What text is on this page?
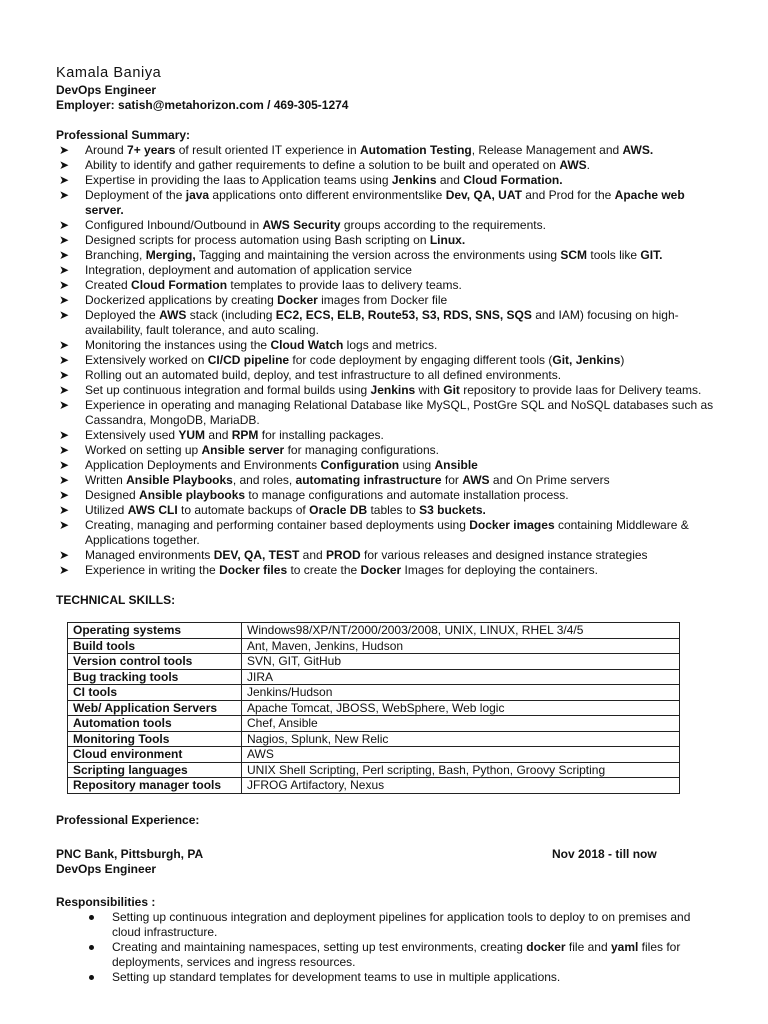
Kamala Baniya
DevOps Engineer
Employer: satish@metahorizon.com / 469-305-1274
Professional Summary:
➤ Around 7+ years of result oriented IT experience in Automation Testing, Release Management and AWS.
➤ Ability to identify and gather requirements to define a solution to be built and operated on AWS.
➤ Expertise in providing the Iaas to Application teams using Jenkins and Cloud Formation.
➤ Deployment of the java applications onto different environmentslike Dev, QA, UAT and Prod for the Apache web server.
➤ Configured Inbound/Outbound in AWS Security groups according to the requirements.
➤ Designed scripts for process automation using Bash scripting on Linux.
➤ Branching, Merging, Tagging and maintaining the version across the environments using SCM tools like GIT.
➤ Integration, deployment and automation of application service
➤ Created Cloud Formation templates to provide Iaas to delivery teams.
➤ Dockerized applications by creating Docker images from Docker file
➤ Deployed the AWS stack (including EC2, ECS, ELB, Route53, S3, RDS, SNS, SQS and IAM) focusing on high-availability, fault tolerance, and auto scaling.
➤ Monitoring the instances using the Cloud Watch logs and metrics.
➤ Extensively worked on CI/CD pipeline for code deployment by engaging different tools (Git, Jenkins)
➤ Rolling out an automated build, deploy, and test infrastructure to all defined environments.
➤ Set up continuous integration and formal builds using Jenkins with Git repository to provide Iaas for Delivery teams.
➤ Experience in operating and managing Relational Database like MySQL, PostGre SQL and NoSQL databases such as Cassandra, MongoDB, MariaDB.
➤ Extensively used YUM and RPM for installing packages.
➤ Worked on setting up Ansible server for managing configurations.
➤ Application Deployments and Environments Configuration using Ansible
➤ Written Ansible Playbooks, and roles, automating infrastructure for AWS and On Prime servers
➤ Designed Ansible playbooks to manage configurations and automate installation process.
➤ Utilized AWS CLI to automate backups of Oracle DB tables to S3 buckets.
➤ Creating, managing and performing container based deployments using Docker images containing Middleware & Applications together.
➤ Managed environments DEV, QA, TEST and PROD for various releases and designed instance strategies
➤ Experience in writing the Docker files to create the Docker Images for deploying the containers.
TECHNICAL SKILLS:
Operating systems	Windows98/XP/NT/2000/2003/2008, UNIX, LINUX, RHEL 3/4/5
Build tools	Ant, Maven, Jenkins, Hudson
Version control tools	SVN, GIT, GitHub
Bug tracking tools	JIRA
CI tools	Jenkins/Hudson
Web/ Application Servers	Apache Tomcat, JBOSS, WebSphere, Web logic
Automation tools	Chef, Ansible
Monitoring Tools	Nagios, Splunk, New Relic
Cloud environment	AWS
Scripting languages	UNIX Shell Scripting, Perl scripting, Bash, Python, Groovy Scripting
Repository manager tools	JFROG Artifactory, Nexus
Professional Experience:
PNC Bank, Pittsburgh, PA	Nov 2018 - till now
DevOps Engineer
Responsibilities :
Setting up continuous integration and deployment pipelines for application tools to deploy to on premises and cloud infrastructure.
Creating and maintaining namespaces, setting up test environments, creating docker file and yaml files for deployments, services and ingress resources.
Setting up standard templates for development teams to use in multiple applications.
